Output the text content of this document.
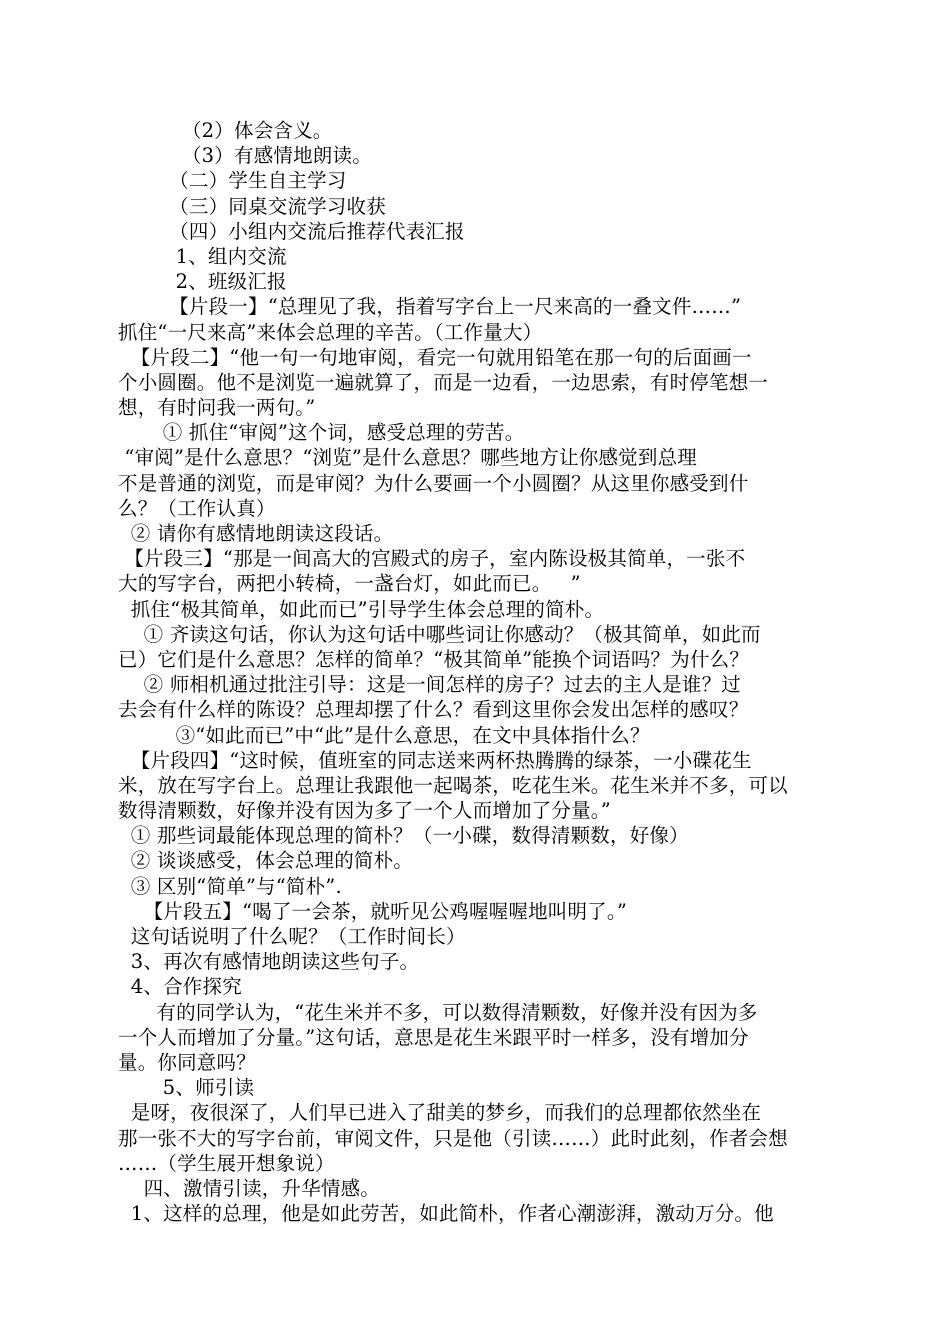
（2）体会含义。
（3）有感情地朗读。
（二）学生自主学习
（三）同桌交流学习收获
（四）小组内交流后推荐代表汇报
1、组内交流
2、班级汇报
【片段一】“总理见了我，指着写字台上一尺来高的一叠文件……”
抓住“一尺来高”来体会总理的辛苦。（工作量大）
【片段二】“他一句一句地审阅，看完一句就用铅笔在那一句的后面画一
个小圆圈。他不是浏览一遍就算了，而是一边看，一边思索，有时停笔想一
想，有时问我一两句。”
① 抓住“审阅”这个词，感受总理的劳苦。
“审阅”是什么意思？“浏览”是什么意思？哪些地方让你感觉到总理
不是普通的浏览，而是审阅？为什么要画一个小圆圈？从这里你感受到什
么？（工作认真）
② 请你有感情地朗读这段话。
【片段三】“那是一间高大的宫殿式的房子，室内陈设极其简单，一张不
大的写字台，两把小转椅，一盏台灯，如此而已。   ”
抓住“极其简单，如此而已”引导学生体会总理的简朴。
① 齐读这句话，你认为这句话中哪些词让你感动？（极其简单，如此而
已）它们是什么意思？怎样的简单？“极其简单”能换个词语吗？为什么？
② 师相机通过批注引导：这是一间怎样的房子？过去的主人是谁？过
去会有什么样的陈设？总理却摆了什么？看到这里你会发出怎样的感叹？
③“如此而已”中“此”是什么意思，在文中具体指什么？
【片段四】“这时候，值班室的同志送来两杯热腾腾的绿茶，一小碟花生
米，放在写字台上。总理让我跟他一起喝茶，吃花生米。花生米并不多，可以
数得清颗数，好像并没有因为多了一个人而增加了分量。”
① 那些词最能体现总理的简朴？（一小碟，数得清颗数，好像）
② 谈谈感受，体会总理的简朴。
③ 区别“简单”与“简朴”.
【片段五】“喝了一会茶，就听见公鸡喔喔喔地叫明了。”
这句话说明了什么呢？（工作时间长）
3、再次有感情地朗读这些句子。
4、合作探究
有的同学认为，“花生米并不多，可以数得清颗数，好像并没有因为多
一个人而增加了分量。”这句话，意思是花生米跟平时一样多，没有增加分
量。你同意吗？
5、师引读
是呀，夜很深了，人们早已进入了甜美的梦乡，而我们的总理都依然坐在
那一张不大的写字台前，审阅文件，只是他（引读……）此时此刻，作者会想
……（学生展开想象说）
四、激情引读，升华情感。
1、这样的总理，他是如此劳苦，如此简朴，作者心潮澎湃，激动万分。他
